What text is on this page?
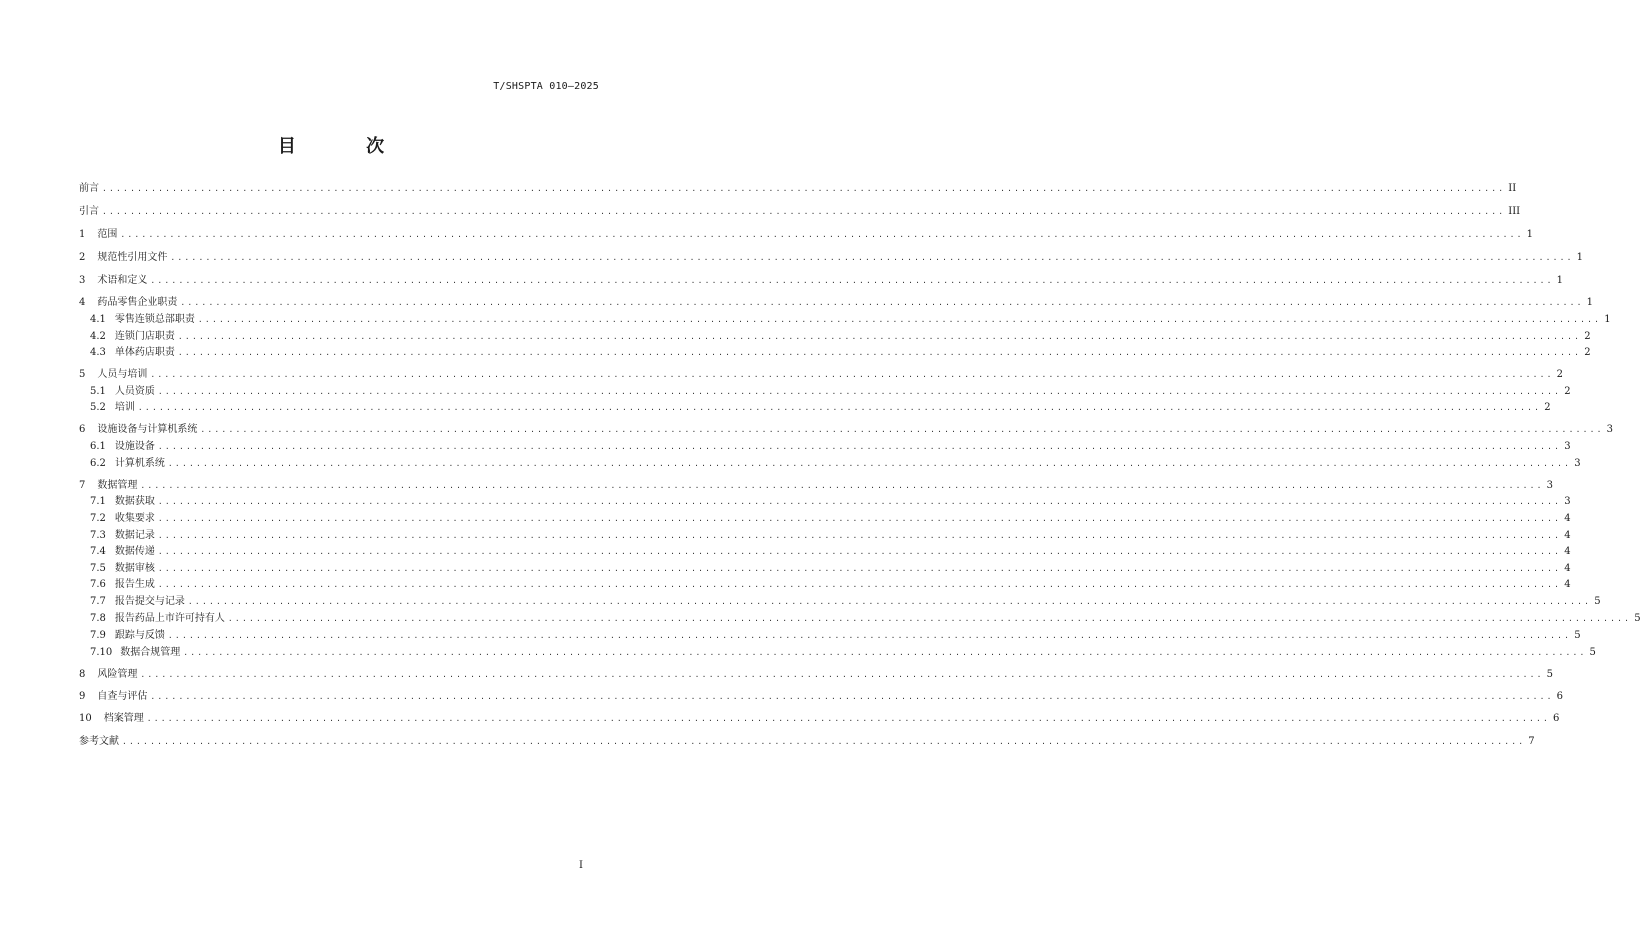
T/SHSPTA 010—2025
目 次
前言 ........................................................................................................................................................................................................ II
引言 ........................................................................................................................................................................................................ III
1 范围 ........................................................................................................................................................................................................ 1
2 规范性引用文件 ........................................................................................................................................................................................................ 1
3 术语和定义 ........................................................................................................................................................................................................ 1
4 药品零售企业职责 ........................................................................................................................................................................................................ 1
4.1 零售连锁总部职责 ........................................................................................................................................................................................................ 1
4.2 连锁门店职责 ........................................................................................................................................................................................................ 2
4.3 单体药店职责 ........................................................................................................................................................................................................ 2
5 人员与培训 ........................................................................................................................................................................................................ 2
5.1 人员资质 ........................................................................................................................................................................................................ 2
5.2 培训 ........................................................................................................................................................................................................ 2
6 设施设备与计算机系统 ........................................................................................................................................................................................................ 3
6.1 设施设备 ........................................................................................................................................................................................................ 3
6.2 计算机系统 ........................................................................................................................................................................................................ 3
7 数据管理 ........................................................................................................................................................................................................ 3
7.1 数据获取 ........................................................................................................................................................................................................ 3
7.2 收集要求 ........................................................................................................................................................................................................ 4
7.3 数据记录 ........................................................................................................................................................................................................ 4
7.4 数据传递 ........................................................................................................................................................................................................ 4
7.5 数据审核 ........................................................................................................................................................................................................ 4
7.6 报告生成 ........................................................................................................................................................................................................ 4
7.7 报告提交与记录 ........................................................................................................................................................................................................ 5
7.8 报告药品上市许可持有人 ........................................................................................................................................................................................................ 5
7.9 跟踪与反馈 ........................................................................................................................................................................................................ 5
7.10 数据合规管理 ........................................................................................................................................................................................................ 5
8 风险管理 ........................................................................................................................................................................................................ 5
9 自查与评估 ........................................................................................................................................................................................................ 6
10 档案管理 ........................................................................................................................................................................................................ 6
参考文献 ........................................................................................................................................................................................................ 7
I
